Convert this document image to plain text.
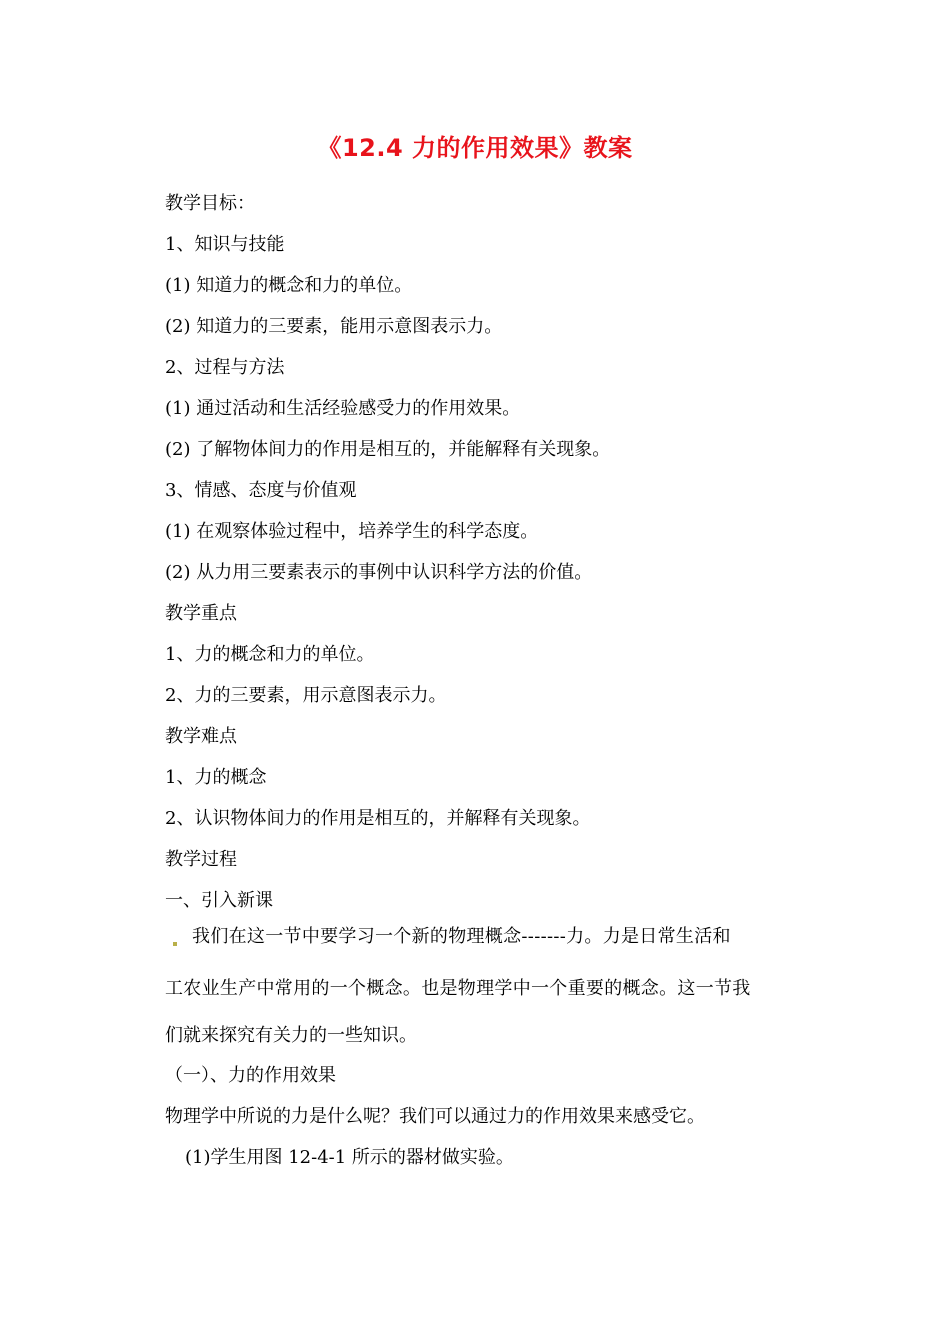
《12.4 力的作用效果》教案
教学目标：
1、知识与技能
(1) 知道力的概念和力的单位。
(2) 知道力的三要素，能用示意图表示力。
2、过程与方法
(1) 通过活动和生活经验感受力的作用效果。
(2) 了解物体间力的作用是相互的，并能解释有关现象。
3、情感、态度与价值观
(1) 在观察体验过程中，培养学生的科学态度。
(2) 从力用三要素表示的事例中认识科学方法的价值。
教学重点
1、力的概念和力的单位。
2、力的三要素，用示意图表示力。
教学难点
1、力的概念
2、认识物体间力的作用是相互的，并解释有关现象。
教学过程
一、引入新课
我们在这一节中要学习一个新的物理概念-------力。力是日常生活和
工农业生产中常用的一个概念。也是物理学中一个重要的概念。这一节我
们就来探究有关力的一些知识。
（一）、力的作用效果
物理学中所说的力是什么呢？我们可以通过力的作用效果来感受它。
(1)学生用图 12-4-1 所示的器材做实验。
